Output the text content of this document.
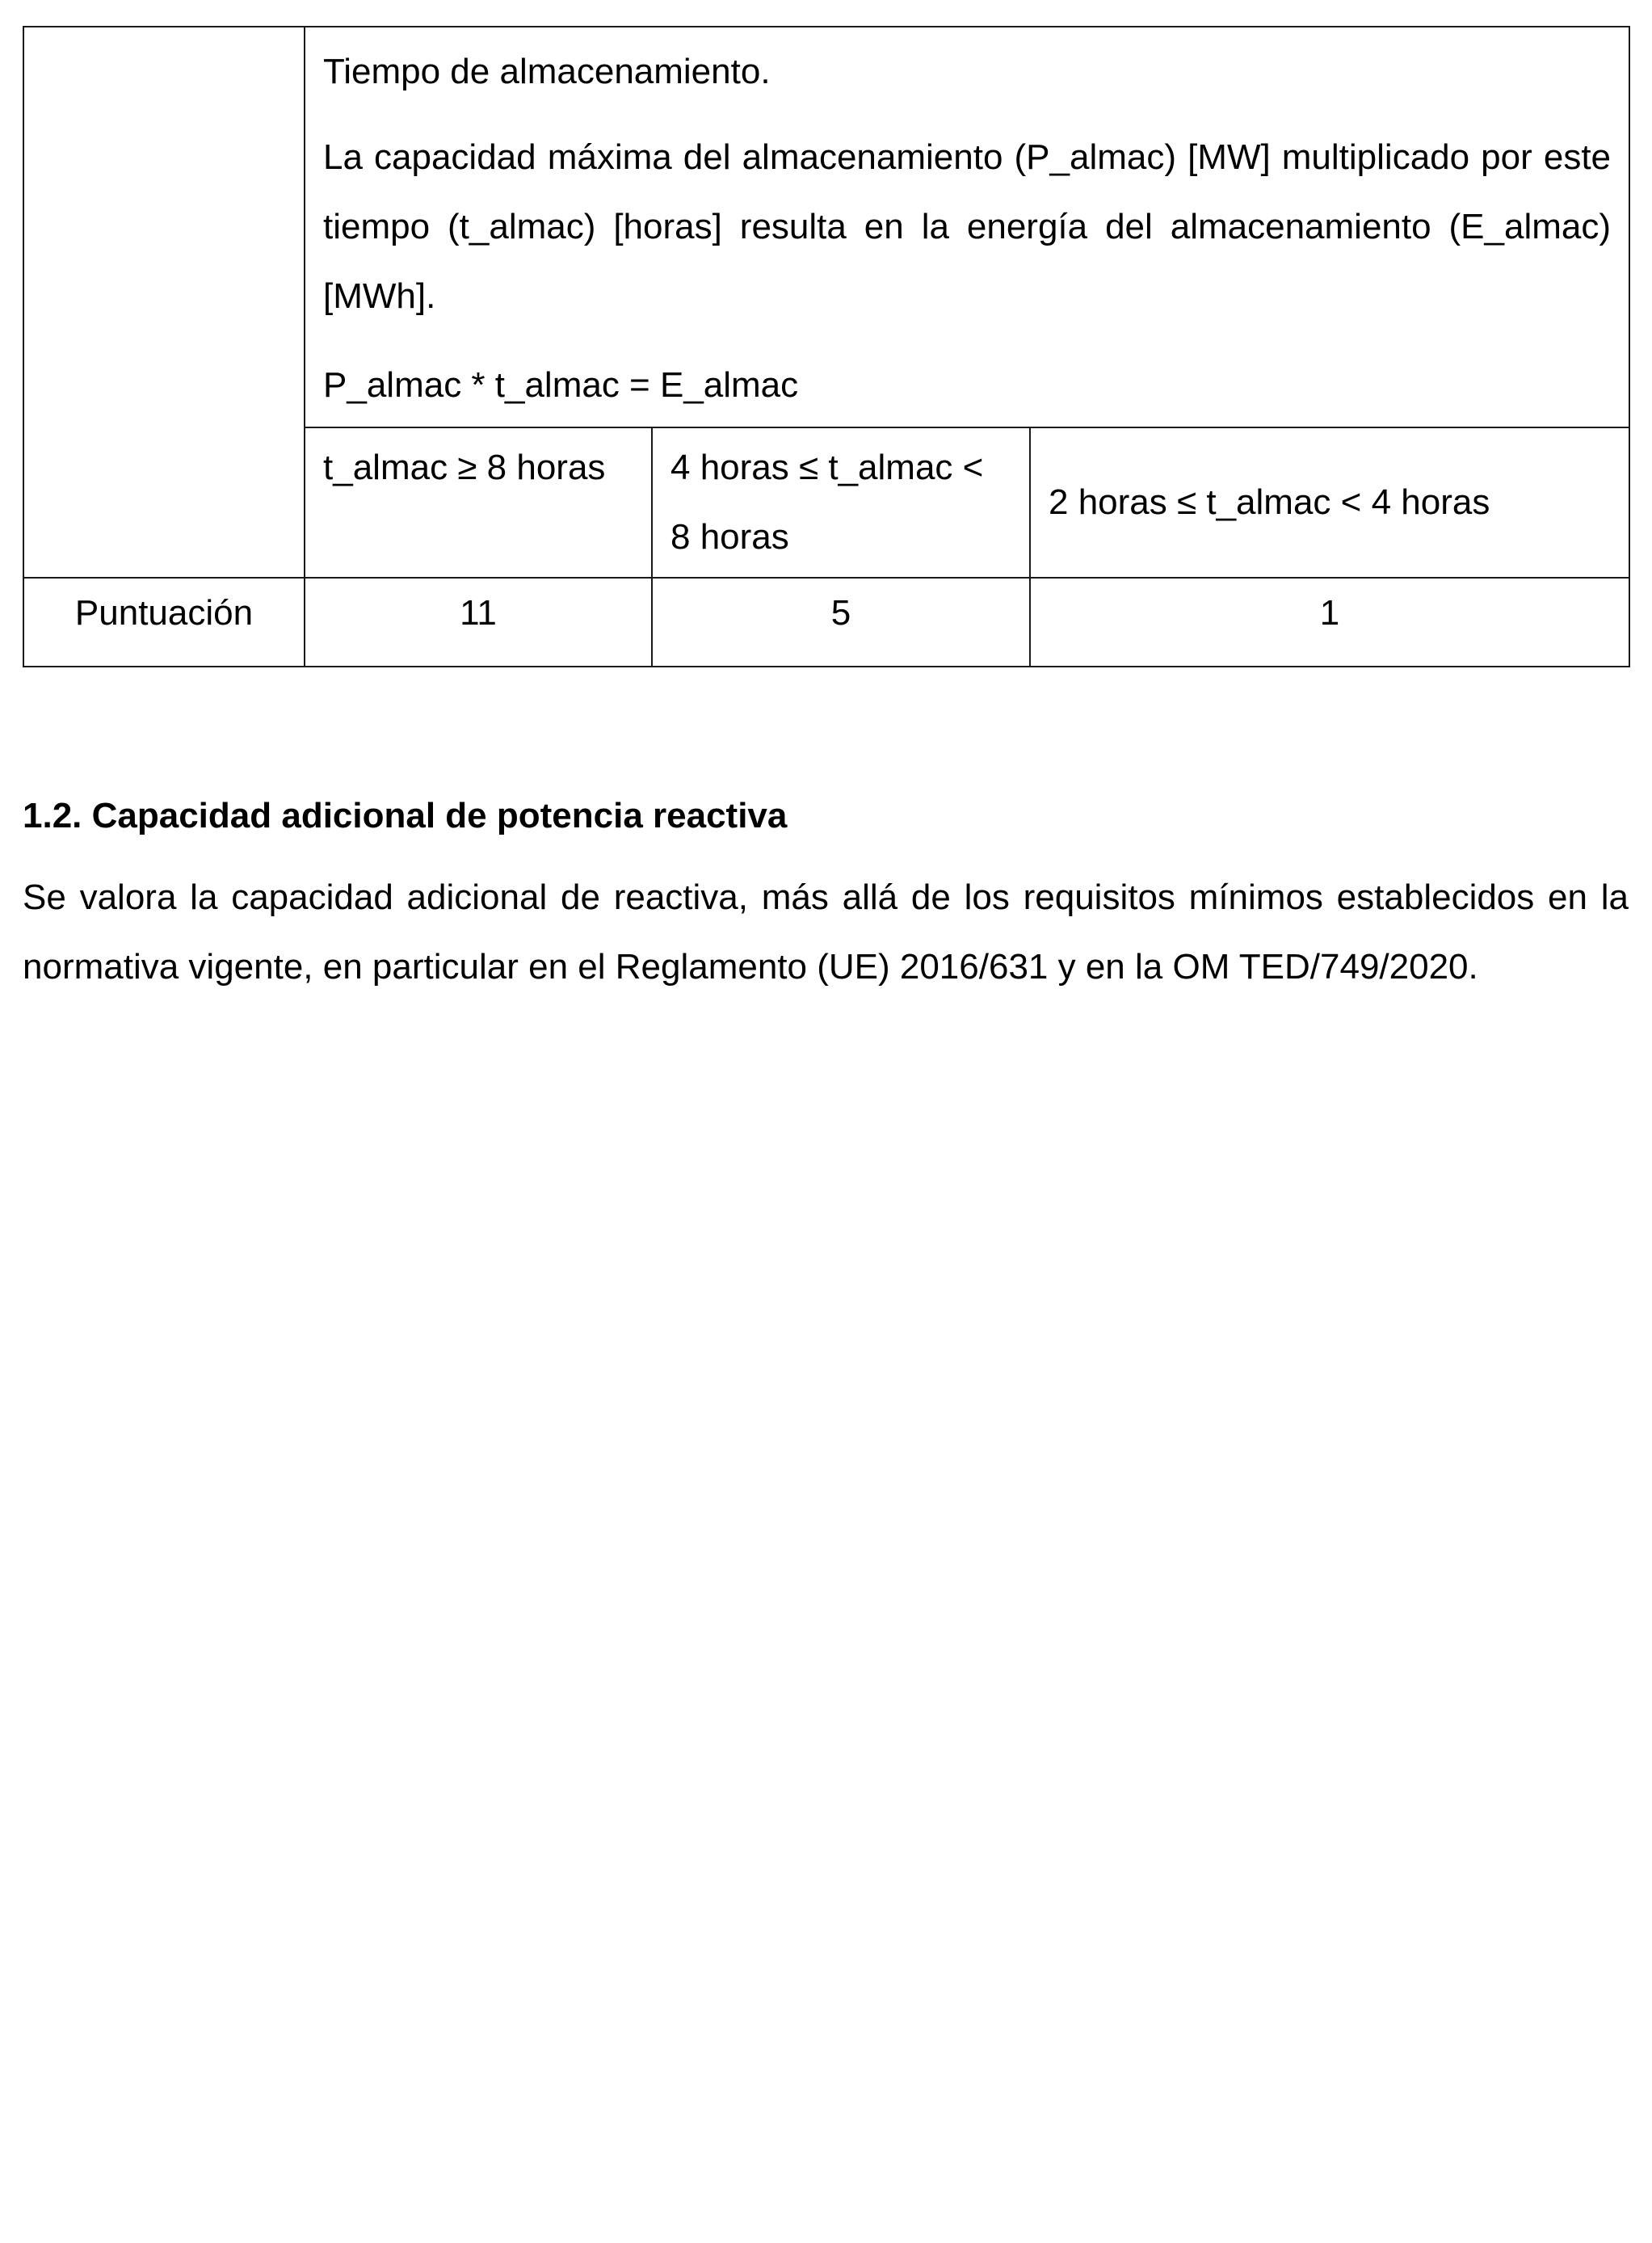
	Tiempo de almacenamiento.

La capacidad máxima del almacenamiento (P_almac) [MW] multiplicado por este tiempo (t_almac) [horas] resulta en la energía del almacenamiento (E_almac) [MWh].

P_almac * t_almac = E_almac		

	t_almac ≥ 8 horas	4 horas ≤ t_almac < 8 horas	2 horas ≤ t_almac < 4 horas
Puntuación	11	5	1
1.2. Capacidad adicional de potencia reactiva

Se valora la capacidad adicional de reactiva, más allá de los requisitos mínimos establecidos en la normativa vigente, en particular en el Reglamento (UE) 2016/631 y en la OM TED/749/2020.
